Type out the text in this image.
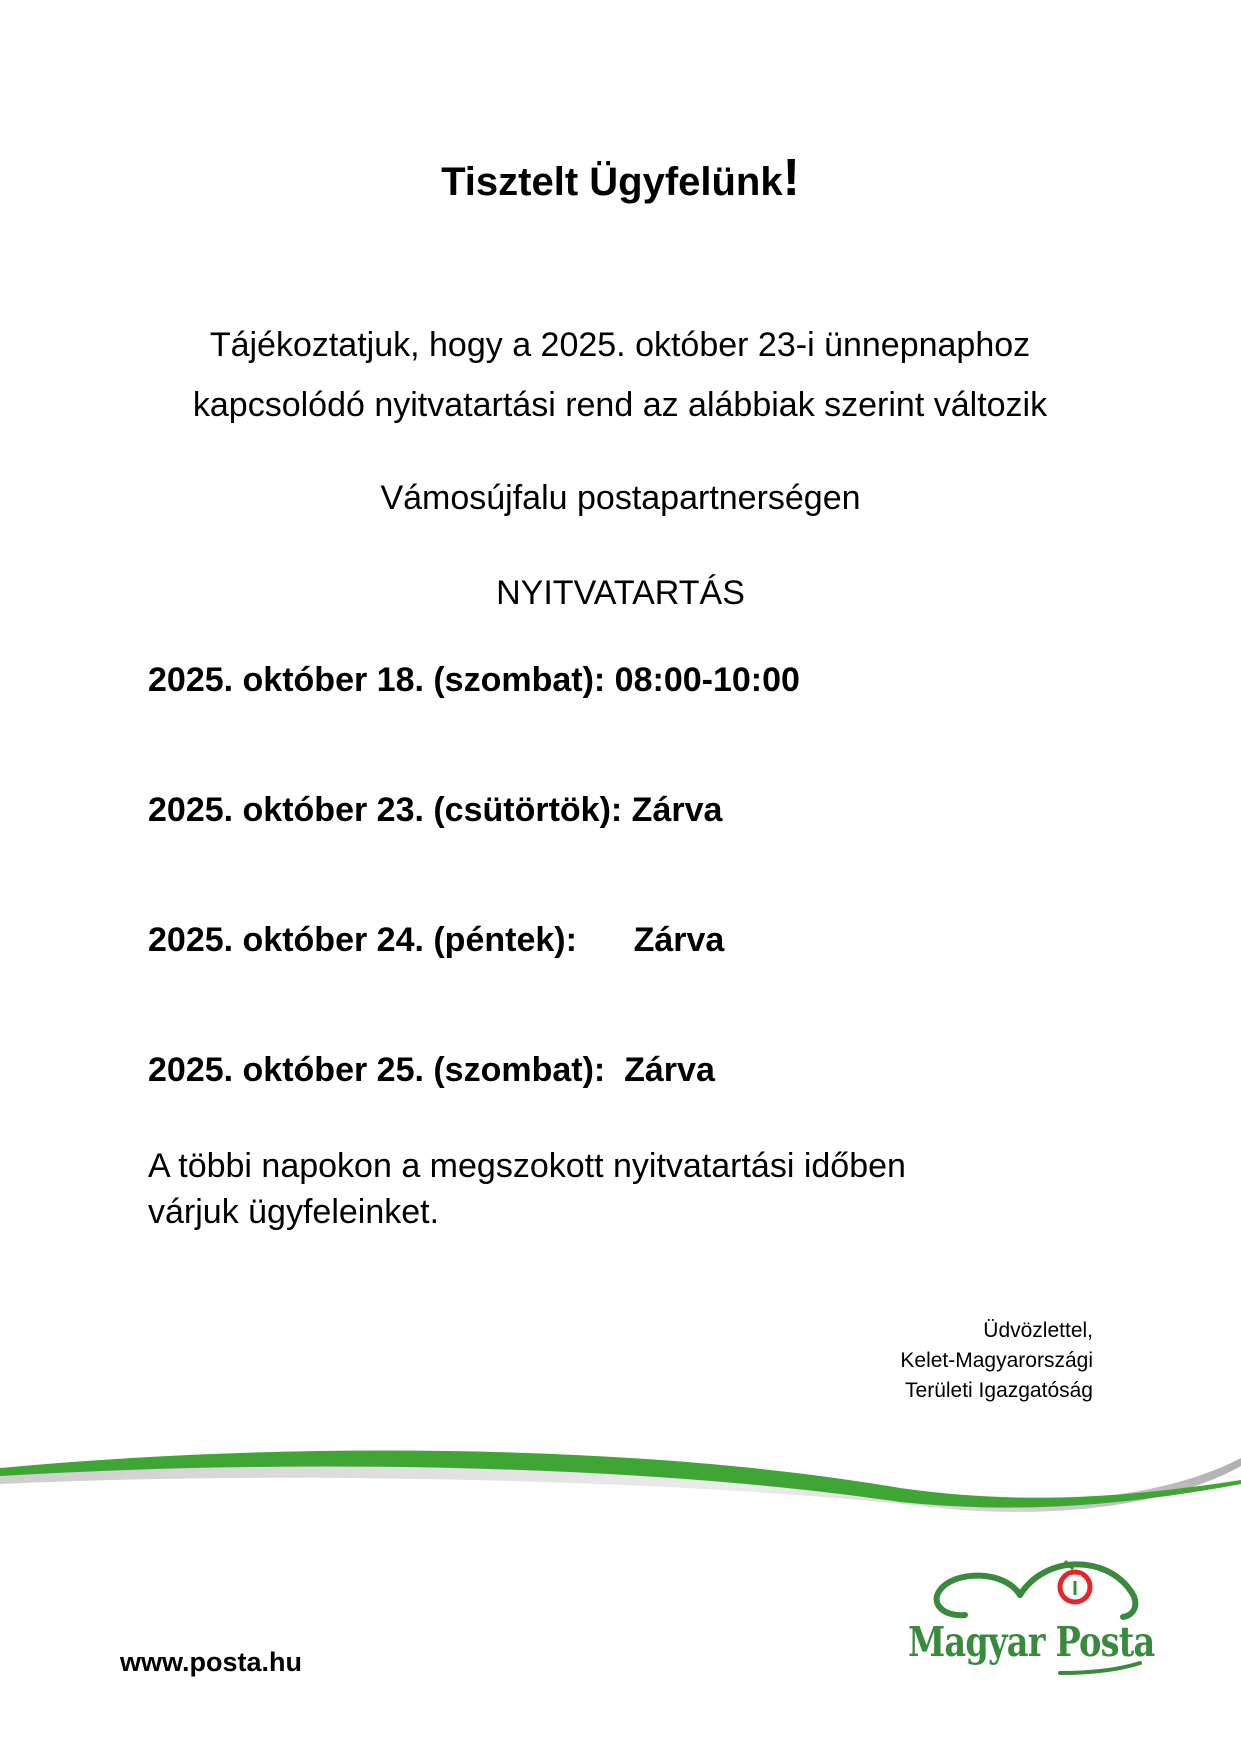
Tisztelt Ügyfelünk!
Tájékoztatjuk, hogy a 2025. október 23-i ünnepnaphoz
kapcsolódó nyitvatartási rend az alábbiak szerint változik
Vámosújfalu postapartnerségen
NYITVATARTÁS
2025. október 18. (szombat): 08:00-10:00
2025. október 23. (csütörtök): Zárva
2025. október 24. (péntek):      Zárva
2025. október 25. (szombat):  Zárva
A többi napokon a megszokott nyitvatartási időben
várjuk ügyfeleinket.
Üdvözlettel,
Kelet-Magyarországi
Területi Igazgatóság
www.posta.hu	Magyar Posta
